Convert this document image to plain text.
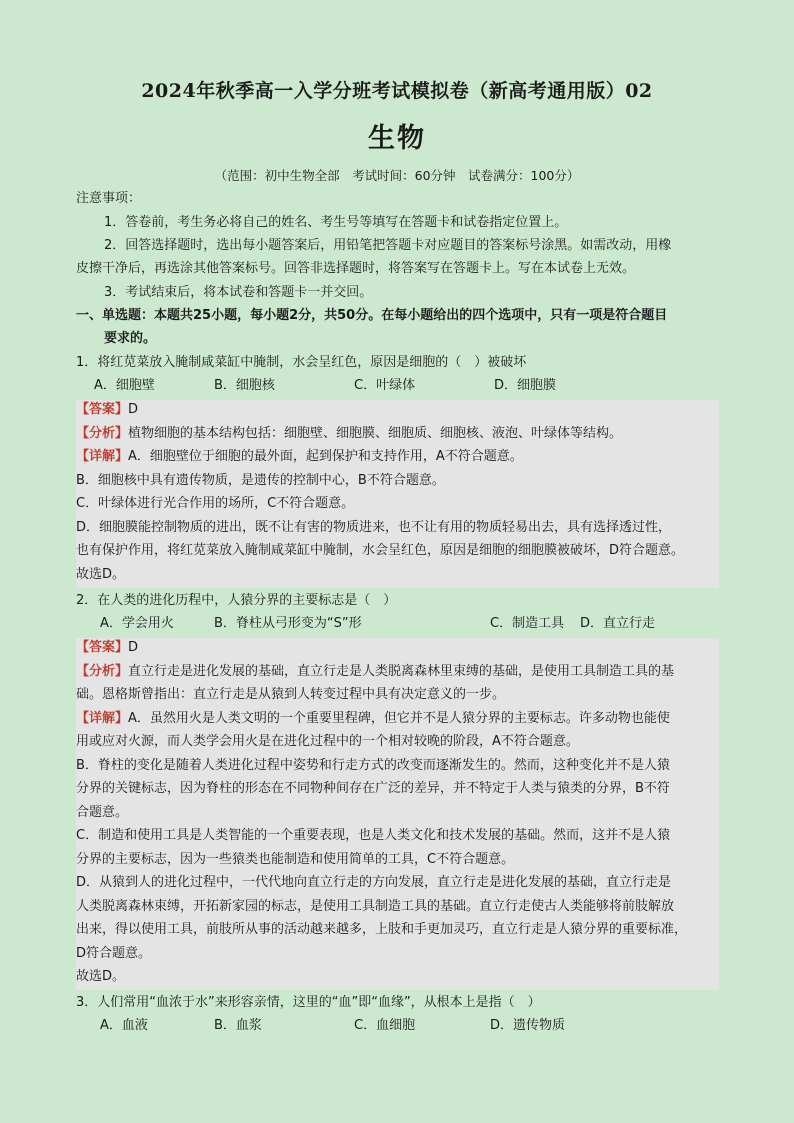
2024年秋季高一入学分班考试模拟卷（新高考通用版）02
生物
（范围：初中生物全部　考试时间：60分钟　试卷满分：100分）
注意事项：
1．答卷前，考生务必将自己的姓名、考生号等填写在答题卡和试卷指定位置上。
2．回答选择题时，选出每小题答案后，用铅笔把答题卡对应题目的答案标号涂黑。如需改动，用橡
皮擦干净后，再选涂其他答案标号。回答非选择题时，将答案写在答题卡上。写在本试卷上无效。
3．考试结束后，将本试卷和答题卡一并交回。
一、单选题：本题共25小题，每小题2分，共50分。在每小题给出的四个选项中，只有一项是符合题目
要求的。
1．将红苋菜放入腌制咸菜缸中腌制，水会呈红色，原因是细胞的（　）被破坏
A．细胞壁	B．细胞核	C．叶绿体	D．细胞膜
【答案】D
【分析】植物细胞的基本结构包括：细胞壁、细胞膜、细胞质、细胞核、液泡、叶绿体等结构。
【详解】A．细胞壁位于细胞的最外面，起到保护和支持作用，A不符合题意。
B．细胞核中具有遗传物质，是遗传的控制中心，B不符合题意。
C．叶绿体进行光合作用的场所，C不符合题意。
D．细胞膜能控制物质的进出，既不让有害的物质进来，也不让有用的物质轻易出去，具有选择透过性，
也有保护作用，将红苋菜放入腌制咸菜缸中腌制，水会呈红色，原因是细胞的细胞膜被破坏，D符合题意。
故选D。
2．在人类的进化历程中，人猿分界的主要标志是（　）
A．学会用火	B．脊柱从弓形变为“S”形	C．制造工具 D．直立行走
【答案】D
【分析】直立行走是进化发展的基础，直立行走是人类脱离森林里束缚的基础，是使用工具制造工具的基
础。恩格斯曾指出：直立行走是从猿到人转变过程中具有决定意义的一步。
【详解】A．虽然用火是人类文明的一个重要里程碑，但它并不是人猿分界的主要标志。许多动物也能使
用或应对火源，而人类学会用火是在进化过程中的一个相对较晚的阶段，A不符合题意。
B．脊柱的变化是随着人类进化过程中姿势和行走方式的改变而逐渐发生的。然而，这种变化并不是人猿
分界的关键标志，因为脊柱的形态在不同物种间存在广泛的差异，并不特定于人类与猿类的分界，B不符
合题意。
C．制造和使用工具是人类智能的一个重要表现，也是人类文化和技术发展的基础。然而，这并不是人猿
分界的主要标志，因为一些猿类也能制造和使用简单的工具，C不符合题意。
D．从猿到人的进化过程中，一代代地向直立行走的方向发展，直立行走是进化发展的基础，直立行走是
人类脱离森林束缚，开拓新家园的标志，是使用工具制造工具的基础。直立行走使古人类能够将前肢解放
出来，得以使用工具，前肢所从事的活动越来越多，上肢和手更加灵巧，直立行走是人猿分界的重要标准，
D符合题意。
故选D。
3．人们常用“血浓于水”来形容亲情，这里的“血”即“血缘”，从根本上是指（　）
A．血液	B．血浆	C．血细胞	D．遗传物质
